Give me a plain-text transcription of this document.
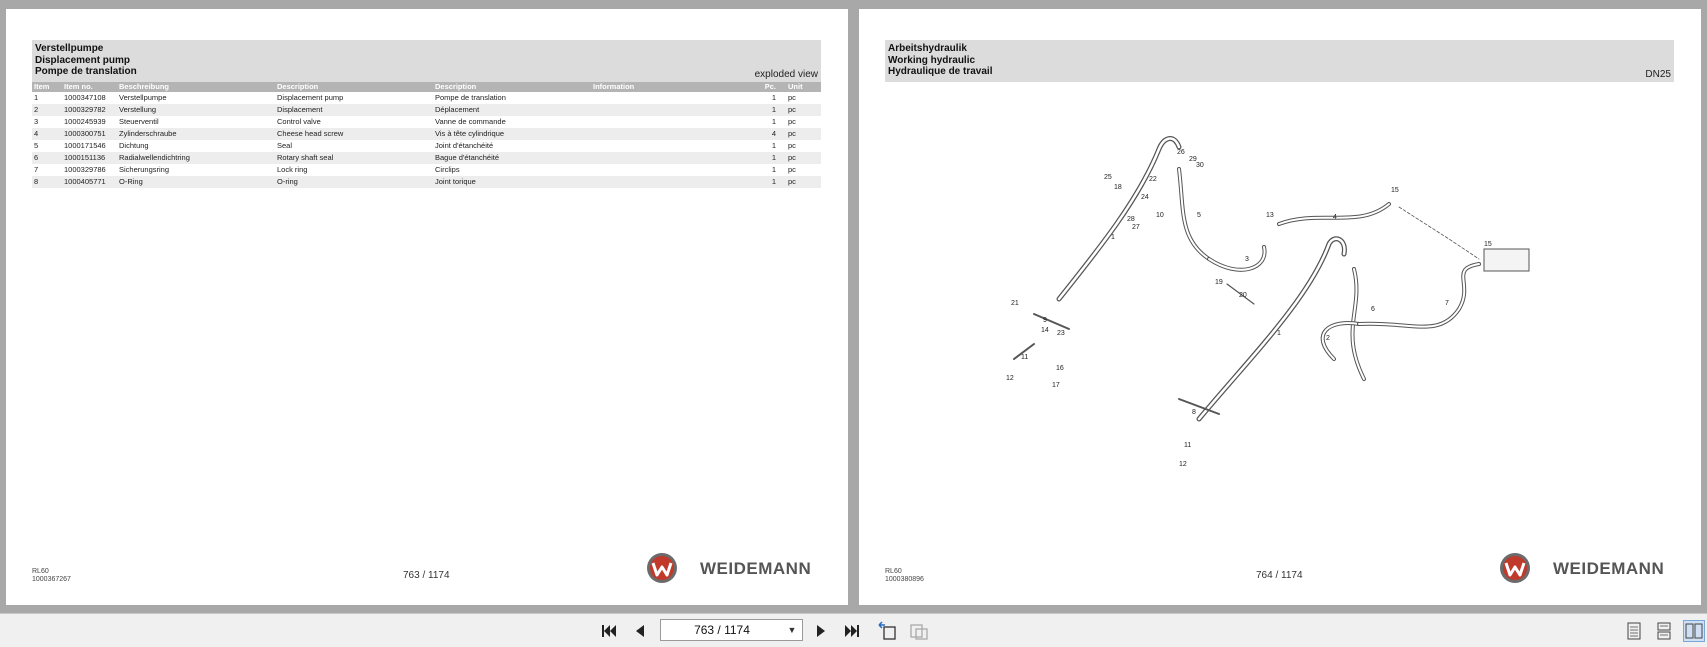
Verstellpumpe
Displacement pump
Pompe de translation	exploded view
Item	Item no.	Beschreibung	Description	Description	Information	Pc.	Unit
1	1000347108	Verstellpumpe	Displacement pump	Pompe de translation		1	pc
2	1000329782	Verstellung	Displacement	Déplacement		1	pc
3	1000245939	Steuerventil	Control valve	Vanne de commande		1	pc
4	1000300751	Zylinderschraube	Cheese head screw	Vis à tête cylindrique		4	pc
5	1000171546	Dichtung	Seal	Joint d'étanchéité		1	pc
6	1000151136	Radialwellendichtring	Rotary shaft seal	Bague d'étanchéité		1	pc
7	1000329786	Sicherungsring	Lock ring	Circlips		1	pc
8	1000405771	O-Ring	O-ring	Joint torique		1	pc
RL60
1000367267	763 / 1174	WEIDEMANN
Arbeitshydraulik
Working hydraulic
Hydraulique de travail	DN25
25
18
22
24
26
29
30
28
27
10	5
1
15
13	4
3
19
20
15
6
7
2
21
9
14 23
11
16
12
17
8
1
11
12
RL60
1000380896	764 / 1174	WEIDEMANN
763 / 1174
▼
